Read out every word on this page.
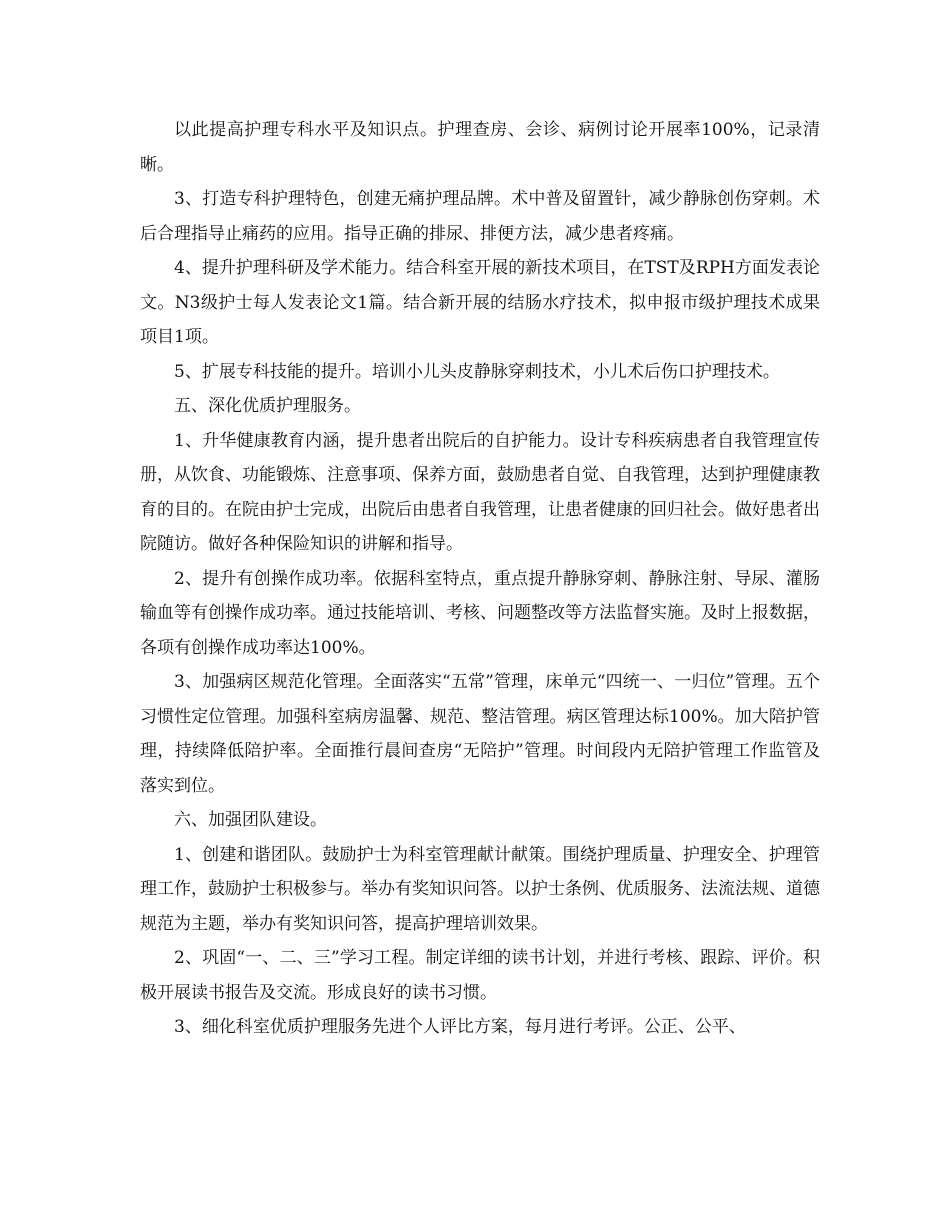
以此提高护理专科水平及知识点。护理查房、会诊、病例讨论开展率100%，记录清晰。

3、打造专科护理特色，创建无痛护理品牌。术中普及留置针，减少静脉创伤穿刺。术后合理指导止痛药的应用。指导正确的排尿、排便方法，减少患者疼痛。

4、提升护理科研及学术能力。结合科室开展的新技术项目，在TST及RPH方面发表论文。N3级护士每人发表论文1篇。结合新开展的结肠水疗技术，拟申报市级护理技术成果项目1项。

5、扩展专科技能的提升。培训小儿头皮静脉穿刺技术，小儿术后伤口护理技术。

五、深化优质护理服务。

1、升华健康教育内涵，提升患者出院后的自护能力。设计专科疾病患者自我管理宣传册，从饮食、功能锻炼、注意事项、保养方面，鼓励患者自觉、自我管理，达到护理健康教育的目的。在院由护士完成，出院后由患者自我管理，让患者健康的回归社会。做好患者出院随访。做好各种保险知识的讲解和指导。

2、提升有创操作成功率。依据科室特点，重点提升静脉穿刺、静脉注射、导尿、灌肠输血等有创操作成功率。通过技能培训、考核、问题整改等方法监督实施。及时上报数据，各项有创操作成功率达100%。

3、加强病区规范化管理。全面落实“五常”管理，床单元“四统一、一归位”管理。五个习惯性定位管理。加强科室病房温馨、规范、整洁管理。病区管理达标100%。加大陪护管理，持续降低陪护率。全面推行晨间查房“无陪护”管理。时间段内无陪护管理工作监管及落实到位。

六、加强团队建设。

1、创建和谐团队。鼓励护士为科室管理献计献策。围绕护理质量、护理安全、护理管理工作，鼓励护士积极参与。举办有奖知识问答。以护士条例、优质服务、法流法规、道德规范为主题，举办有奖知识问答，提高护理培训效果。

2、巩固“一、二、三”学习工程。制定详细的读书计划，并进行考核、跟踪、评价。积极开展读书报告及交流。形成良好的读书习惯。

3、细化科室优质护理服务先进个人评比方案，每月进行考评。公正、公平、
